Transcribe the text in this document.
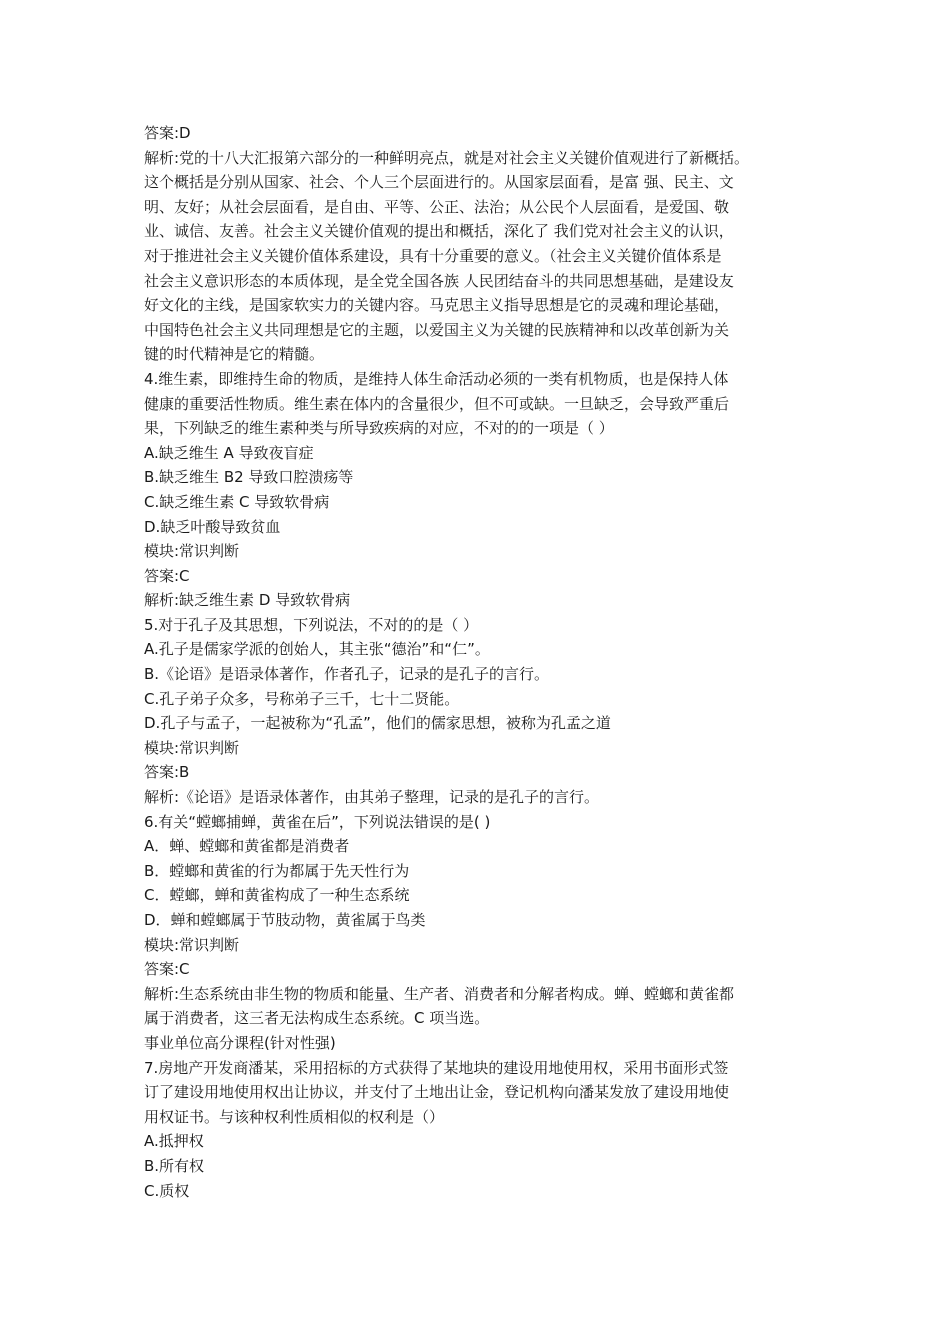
答案:D
解析:党的十八大汇报第六部分的一种鲜明亮点，就是对社会主义关键价值观进行了新概括。
这个概括是分别从国家、社会、个人三个层面进行的。从国家层面看，是富 强、民主、文
明、友好；从社会层面看，是自由、平等、公正、法治；从公民个人层面看，是爱国、敬
业、诚信、友善。社会主义关键价值观的提出和概括，深化了 我们党对社会主义的认识，
对于推进社会主义关键价值体系建设，具有十分重要的意义。（社会主义关键价值体系是
社会主义意识形态的本质体现，是全党全国各族 人民团结奋斗的共同思想基础，是建设友
好文化的主线，是国家软实力的关键内容。马克思主义指导思想是它的灵魂和理论基础，
中国特色社会主义共同理想是它的主题，以爱国主义为关键的民族精神和以改革创新为关
键的时代精神是它的精髓。
4.维生素，即维持生命的物质，是维持人体生命活动必须的一类有机物质，也是保持人体
健康的重要活性物质。维生素在体内的含量很少，但不可或缺。一旦缺乏，会导致严重后
果，下列缺乏的维生素种类与所导致疾病的对应，不对的的一项是（ ）
A.缺乏维生 A 导致夜盲症
B.缺乏维生 B2 导致口腔溃疡等
C.缺乏维生素 C 导致软骨病
D.缺乏叶酸导致贫血
模块:常识判断
答案:C
解析:缺乏维生素 D 导致软骨病
5.对于孔子及其思想，下列说法，不对的的是（ ）
A.孔子是儒家学派的创始人，其主张“德治”和“仁”。
B.《论语》是语录体著作，作者孔子，记录的是孔子的言行。
C.孔子弟子众多，号称弟子三千，七十二贤能。
D.孔子与孟子，一起被称为“孔孟”，他们的儒家思想，被称为孔孟之道
模块:常识判断
答案:B
解析:《论语》是语录体著作，由其弟子整理，记录的是孔子的言行。
6.有关“螳螂捕蝉，黄雀在后”，下列说法错误的是( )
A．蝉、螳螂和黄雀都是消费者
B．螳螂和黄雀的行为都属于先天性行为
C．螳螂，蝉和黄雀构成了一种生态系统
D．蝉和螳螂属于节肢动物，黄雀属于鸟类
模块:常识判断
答案:C
解析:生态系统由非生物的物质和能量、生产者、消费者和分解者构成。蝉、螳螂和黄雀都
属于消费者，这三者无法构成生态系统。C 项当选。
事业单位高分课程(针对性强)
7.房地产开发商潘某，采用招标的方式获得了某地块的建设用地使用权，采用书面形式签
订了建设用地使用权出让协议，并支付了土地出让金，登记机构向潘某发放了建设用地使
用权证书。与该种权利性质相似的权利是（）
A.抵押权
B.所有权
C.质权
